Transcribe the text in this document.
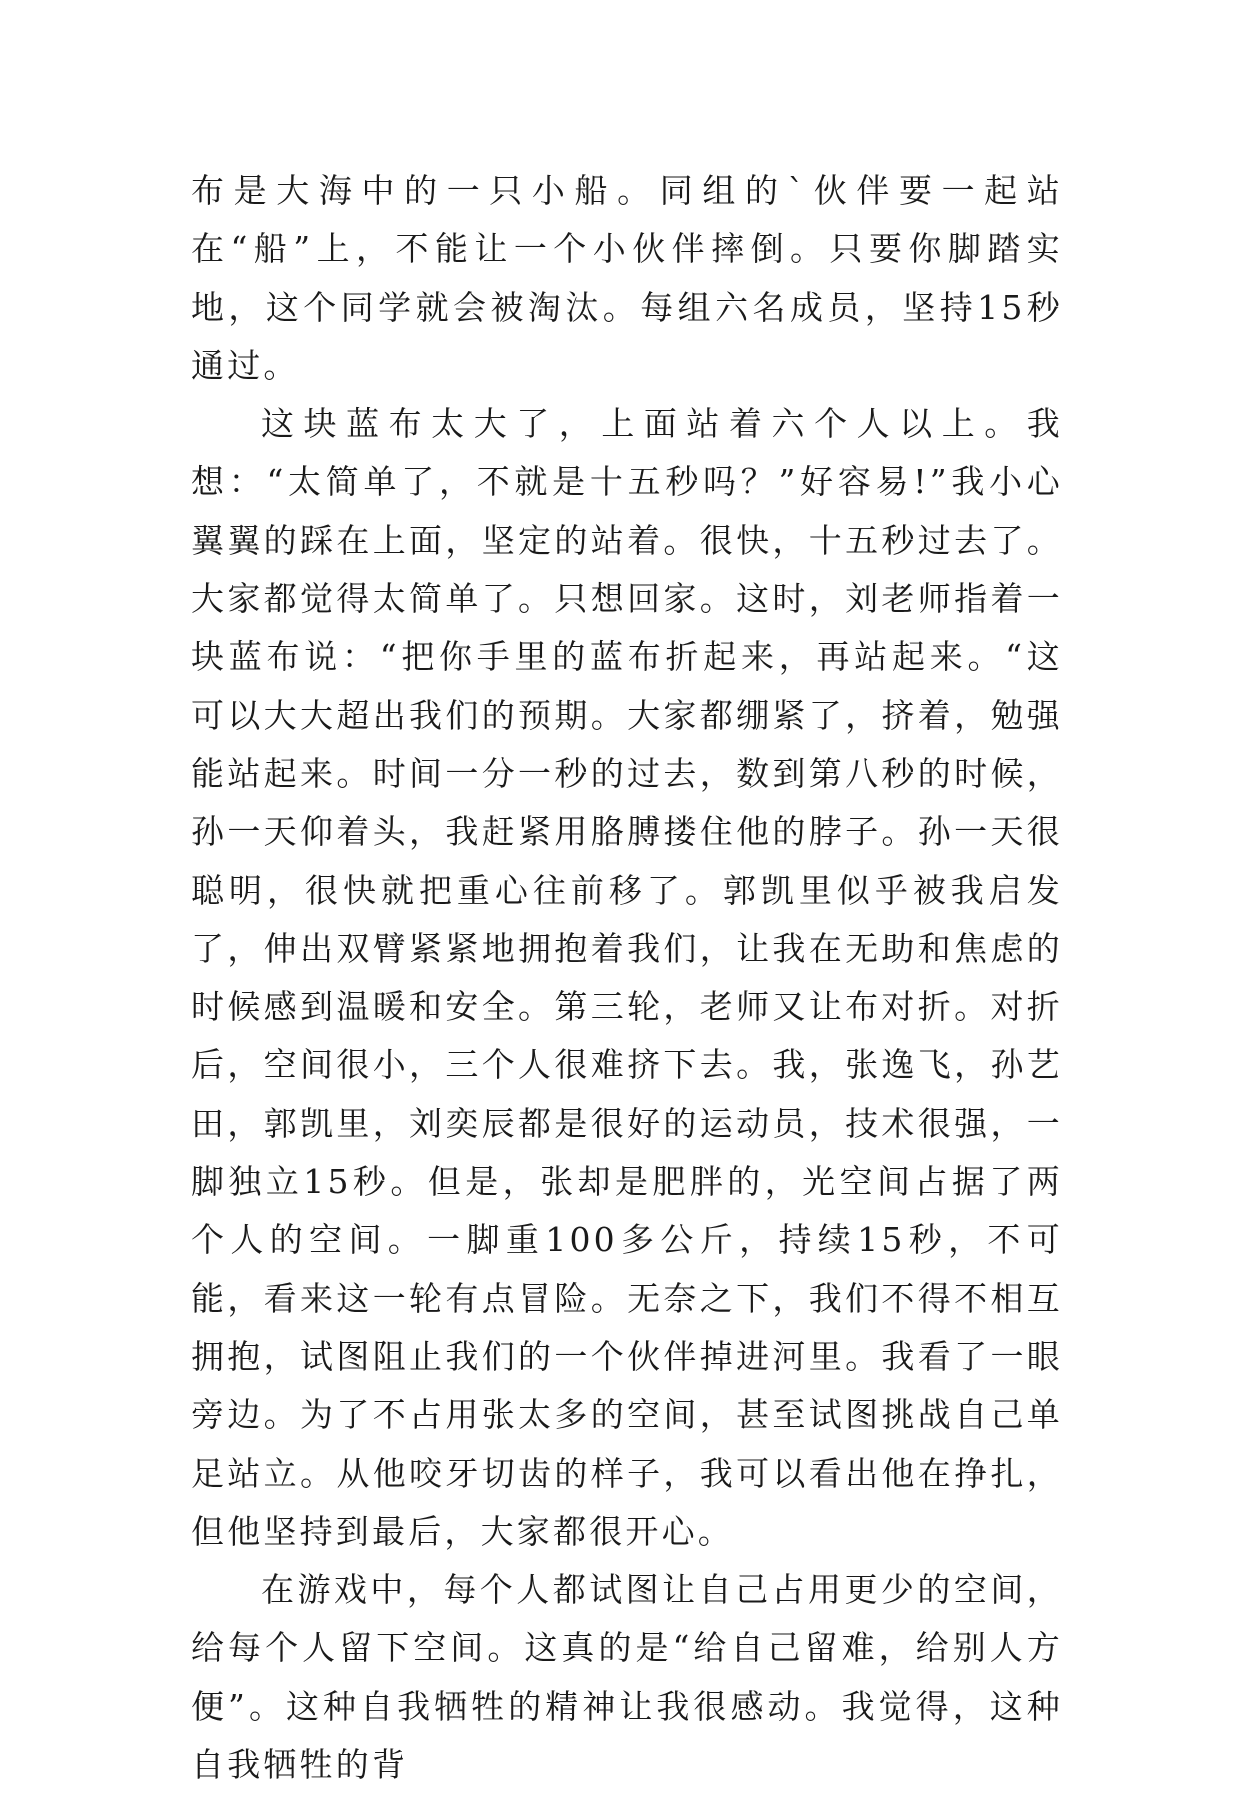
布是大海中的一只小船。同组的`伙伴要一起站在“船”上，不能让一个小伙伴摔倒。只要你脚踏实地，这个同学就会被淘汰。每组六名成员，坚持15秒通过。

这块蓝布太大了，上面站着六个人以上。我想：“太简单了，不就是十五秒吗？”好容易!”我小心翼翼的踩在上面，坚定的站着。很快，十五秒过去了。大家都觉得太简单了。只想回家。这时，刘老师指着一块蓝布说：“把你手里的蓝布折起来，再站起来。“这可以大大超出我们的预期。大家都绷紧了，挤着，勉强能站起来。时间一分一秒的过去，数到第八秒的时候，孙一天仰着头，我赶紧用胳膊搂住他的脖子。孙一天很聪明，很快就把重心往前移了。郭凯里似乎被我启发了，伸出双臂紧紧地拥抱着我们，让我在无助和焦虑的时候感到温暖和安全。第三轮，老师又让布对折。对折后，空间很小，三个人很难挤下去。我，张逸飞，孙艺田，郭凯里，刘奕辰都是很好的运动员，技术很强，一脚独立15秒。但是，张却是肥胖的，光空间占据了两个人的空间。一脚重100多公斤，持续15秒，不可能，看来这一轮有点冒险。无奈之下，我们不得不相互拥抱，试图阻止我们的一个伙伴掉进河里。我看了一眼旁边。为了不占用张太多的空间，甚至试图挑战自己单足站立。从他咬牙切齿的样子，我可以看出他在挣扎，但他坚持到最后，大家都很开心。

在游戏中，每个人都试图让自己占用更少的空间，给每个人留下空间。这真的是“给自己留难，给别人方便”。这种自我牺牲的精神让我很感动。我觉得，这种自我牺牲的背
